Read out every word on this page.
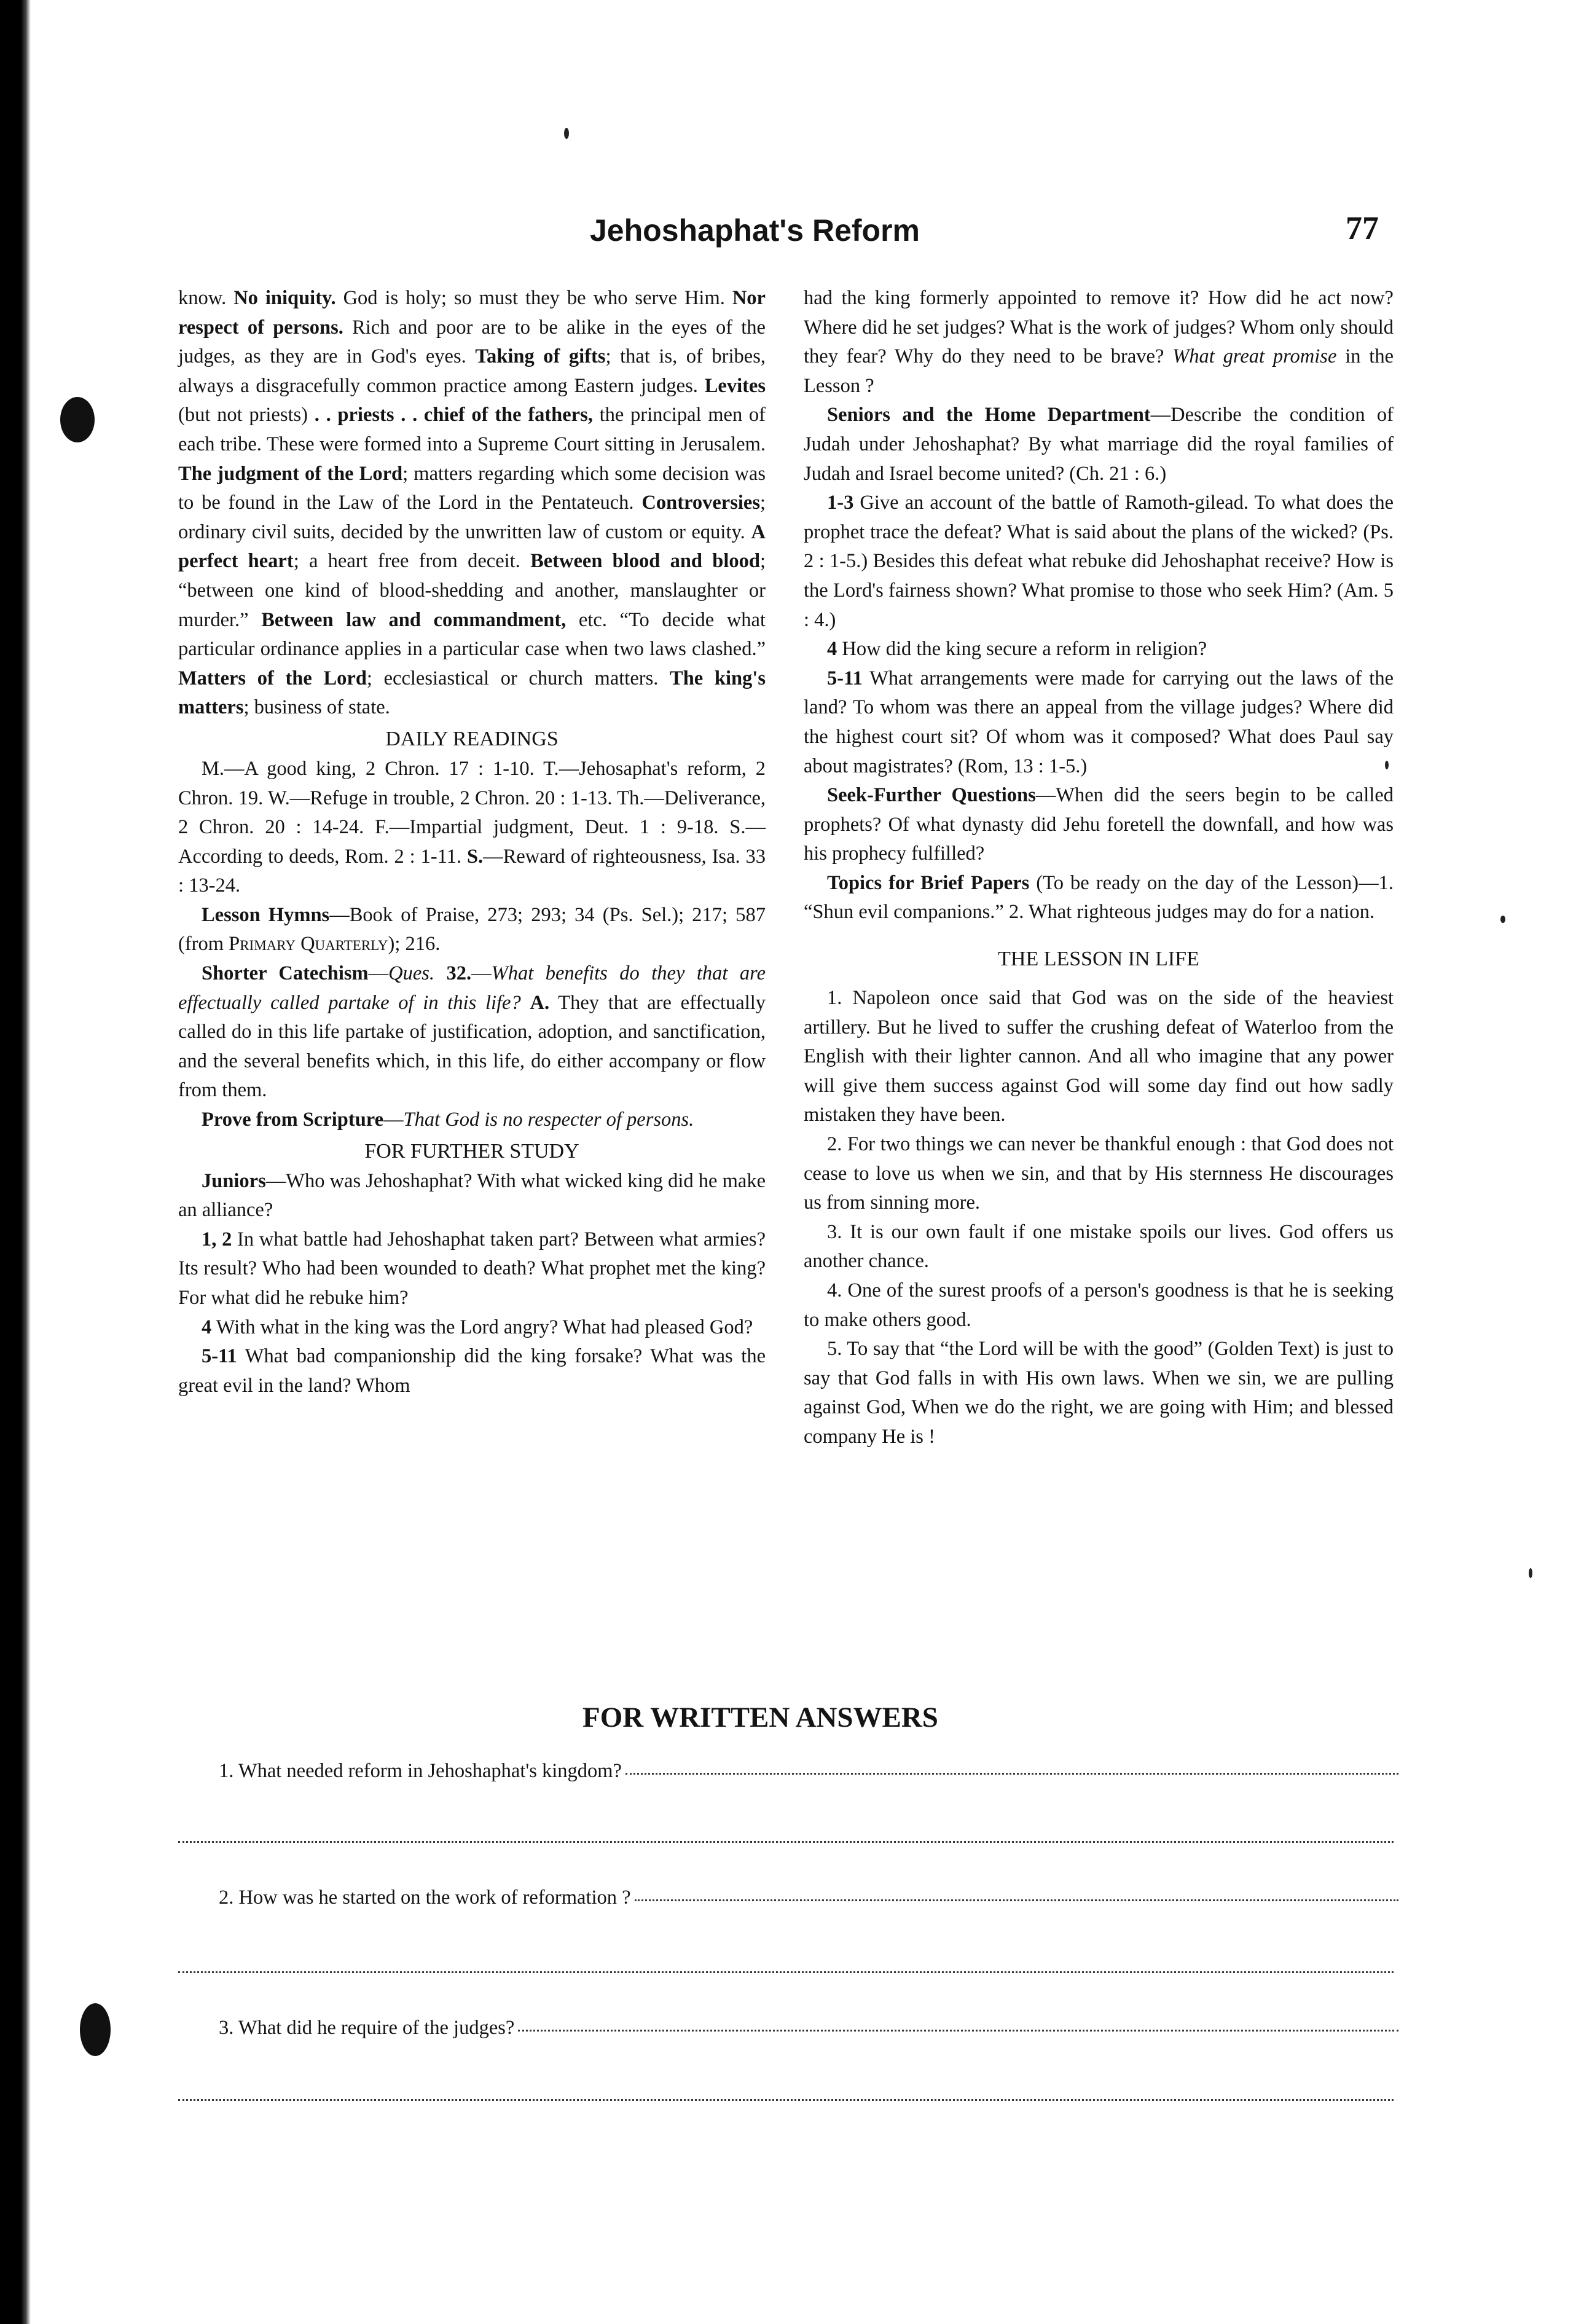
Jehoshaphat's Reform	77

know. No iniquity. God is holy; so must they be who serve Him. Nor respect of persons. Rich and poor are to be alike in the eyes of the judges, as they are in God's eyes. Taking of gifts; that is, of bribes, always a disgracefully common practice among Eastern judges. Levites (but not priests) . . priests . . chief of the fathers, the principal men of each tribe. These were formed into a Supreme Court sitting in Jerusalem. The judgment of the Lord; matters regarding which some decision was to be found in the Law of the Lord in the Pentateuch. Controversies; ordinary civil suits, decided by the unwritten law of custom or equity. A perfect heart; a heart free from deceit. Between blood and blood; “between one kind of blood-shedding and another, manslaughter or murder.” Between law and commandment, etc. “To decide what particular ordinance applies in a particular case when two laws clashed.” Matters of the Lord; ecclesiastical or church matters. The king's matters; business of state.

DAILY READINGS

M.—A good king, 2 Chron. 17 : 1-10. T.—Jehosaphat's reform, 2 Chron. 19. W.—Refuge in trouble, 2 Chron. 20 : 1-13. Th.—Deliverance, 2 Chron. 20 : 14-24. F.—Impartial judgment, Deut. 1 : 9-18. S.—According to deeds, Rom. 2 : 1-11. S.—Reward of righteousness, Isa. 33 : 13-24.

Lesson Hymns—Book of Praise, 273; 293; 34 (Ps. Sel.); 217; 587 (from Primary Quarterly); 216.

Shorter Catechism—Ques. 32.—What benefits do they that are effectually called partake of in this life? A. They that are effectually called do in this life partake of justification, adoption, and sanctification, and the several benefits which, in this life, do either accompany or flow from them.

Prove from Scripture—That God is no respecter of persons.

FOR FURTHER STUDY

Juniors—Who was Jehoshaphat? With what wicked king did he make an alliance?

1, 2 In what battle had Jehoshaphat taken part? Between what armies? Its result? Who had been wounded to death? What prophet met the king? For what did he rebuke him?

4 With what in the king was the Lord angry? What had pleased God?

5-11 What bad companionship did the king forsake? What was the great evil in the land? Whom

had the king formerly appointed to remove it? How did he act now? Where did he set judges? What is the work of judges? Whom only should they fear? Why do they need to be brave? What great promise in the Lesson ?

Seniors and the Home Department—Describe the condition of Judah under Jehoshaphat? By what marriage did the royal families of Judah and Israel become united? (Ch. 21 : 6.)

1-3 Give an account of the battle of Ramoth-gilead. To what does the prophet trace the defeat? What is said about the plans of the wicked? (Ps. 2 : 1-5.) Besides this defeat what rebuke did Jehoshaphat receive? How is the Lord's fairness shown? What promise to those who seek Him? (Am. 5 : 4.)

4 How did the king secure a reform in religion?

5-11 What arrangements were made for carrying out the laws of the land? To whom was there an appeal from the village judges? Where did the highest court sit? Of whom was it composed? What does Paul say about magistrates? (Rom, 13 : 1-5.)

Seek-Further Questions—When did the seers begin to be called prophets? Of what dynasty did Jehu foretell the downfall, and how was his prophecy fulfilled?

Topics for Brief Papers (To be ready on the day of the Lesson)—1. “Shun evil companions.” 2. What righteous judges may do for a nation.

THE LESSON IN LIFE

1. Napoleon once said that God was on the side of the heaviest artillery. But he lived to suffer the crushing defeat of Waterloo from the English with their lighter cannon. And all who imagine that any power will give them success against God will some day find out how sadly mistaken they have been.

2. For two things we can never be thankful enough : that God does not cease to love us when we sin, and that by His sternness He discourages us from sinning more.

3. It is our own fault if one mistake spoils our lives. God offers us another chance.

4. One of the surest proofs of a person's goodness is that he is seeking to make others good.

5. To say that “the Lord will be with the good” (Golden Text) is just to say that God falls in with His own laws. When we sin, we are pulling against God, When we do the right, we are going with Him; and blessed company He is !

FOR WRITTEN ANSWERS
1. What needed reform in Jehoshaphat's kingdom?
2. How was he started on the work of reformation ?
3. What did he require of the judges?
